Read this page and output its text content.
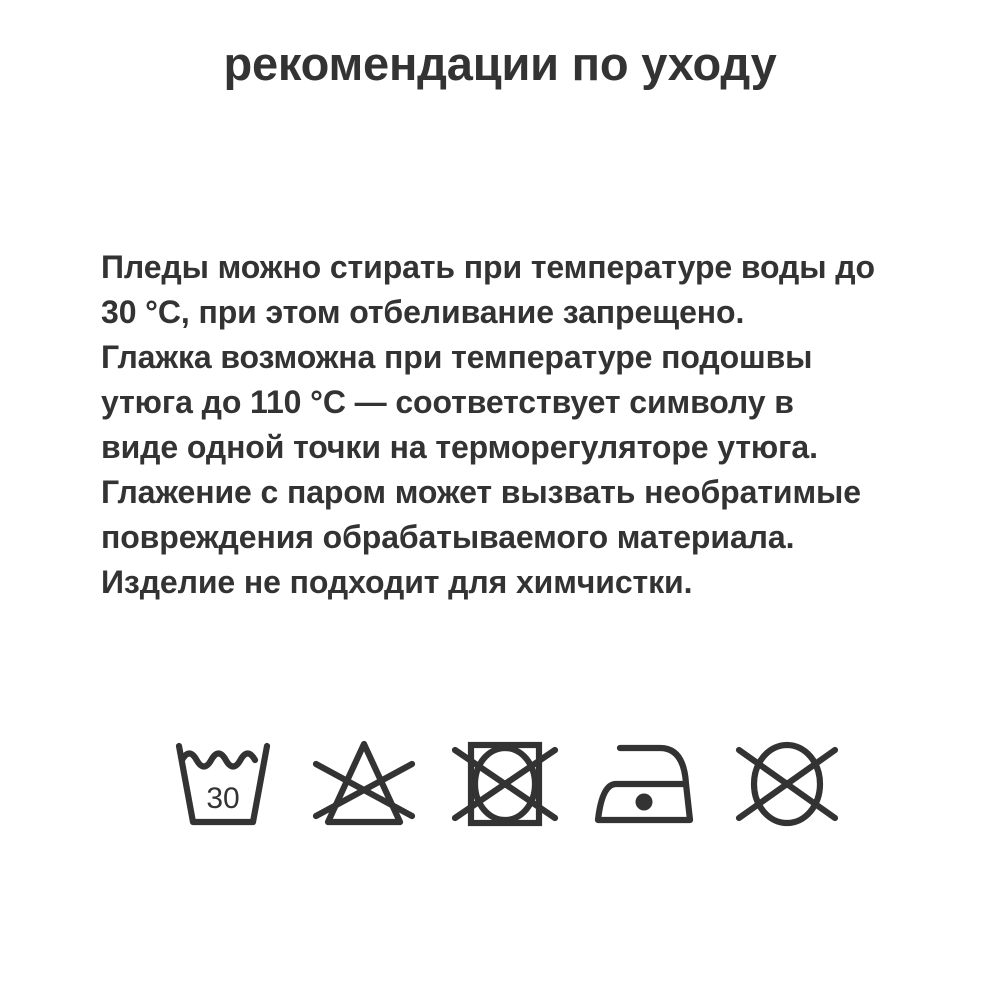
рекомендации по уходу
Пледы можно стирать при температуре воды до
30 °C, при этом отбеливание запрещено.
Глажка возможна при температуре подошвы
утюга до 110 °C — соответствует символу в
виде одной точки на терморегуляторе утюга.
Глажение с паром может вызвать необратимые
повреждения обрабатываемого материала.
Изделие не подходит для химчистки.
30
